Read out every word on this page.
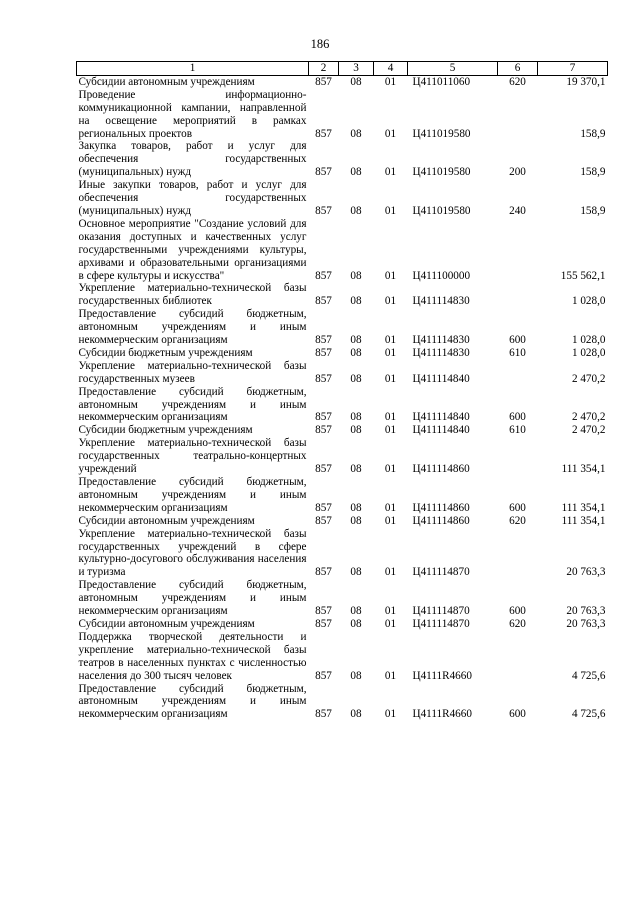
186
1	2	3	4	5	6	7
Субсидии автономным учреждениям	857	08	01	Ц411011060	620	19 370,1
Проведение информационно-коммуникационной кампании, направленной на освещение мероприятий в рамках региональных проектов	857	08	01	Ц411019580		158,9
Закупка товаров, работ и услуг для обеспечения государственных (муниципальных) нужд	857	08	01	Ц411019580	200	158,9
Иные закупки товаров, работ и услуг для обеспечения государственных (муниципальных) нужд	857	08	01	Ц411019580	240	158,9
Основное мероприятие "Создание условий для оказания доступных и качественных услуг государственными учреждениями культуры, архивами и образовательными организациями в сфере культуры и искусства"	857	08	01	Ц411100000		155 562,1
Укрепление материально-технической базы государственных библиотек	857	08	01	Ц411114830		1 028,0
Предоставление субсидий бюджетным, автономным учреждениям и иным некоммерческим организациям	857	08	01	Ц411114830	600	1 028,0
Субсидии бюджетным учреждениям	857	08	01	Ц411114830	610	1 028,0
Укрепление материально-технической базы государственных музеев	857	08	01	Ц411114840		2 470,2
Предоставление субсидий бюджетным, автономным учреждениям и иным некоммерческим организациям	857	08	01	Ц411114840	600	2 470,2
Субсидии бюджетным учреждениям	857	08	01	Ц411114840	610	2 470,2
Укрепление материально-технической базы государственных театрально-концертных учреждений	857	08	01	Ц411114860		111 354,1
Предоставление субсидий бюджетным, автономным учреждениям и иным некоммерческим организациям	857	08	01	Ц411114860	600	111 354,1
Субсидии автономным учреждениям	857	08	01	Ц411114860	620	111 354,1
Укрепление материально-технической базы государственных учреждений в сфере культурно-досугового обслуживания населения и туризма	857	08	01	Ц411114870		20 763,3
Предоставление субсидий бюджетным, автономным учреждениям и иным некоммерческим организациям	857	08	01	Ц411114870	600	20 763,3
Субсидии автономным учреждениям	857	08	01	Ц411114870	620	20 763,3
Поддержка творческой деятельности и укрепление материально-технической базы театров в населенных пунктах с численностью населения до 300 тысяч человек	857	08	01	Ц4111R4660		4 725,6
Предоставление субсидий бюджетным, автономным учреждениям и иным некоммерческим организациям	857	08	01	Ц4111R4660	600	4 725,6
